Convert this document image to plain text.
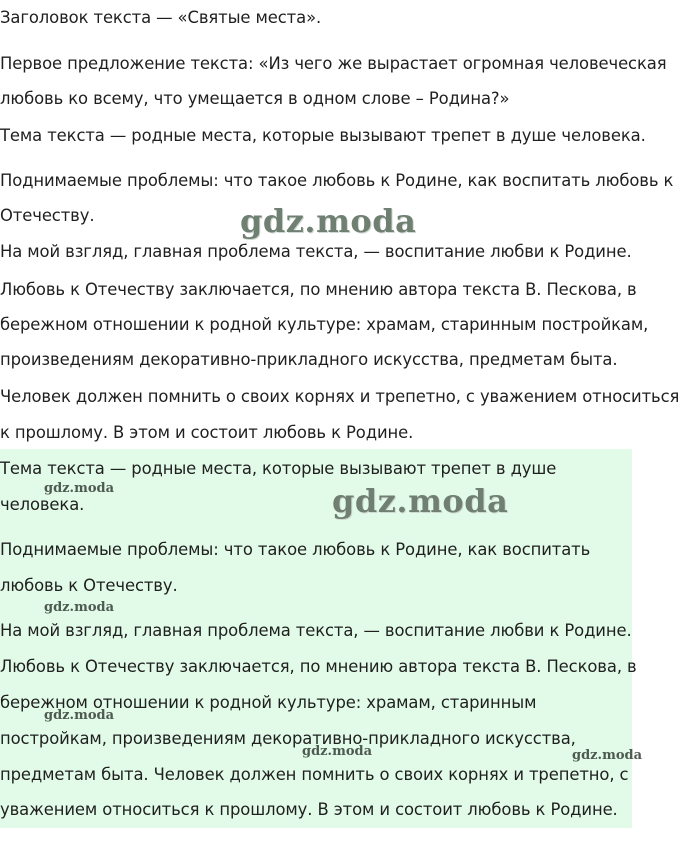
Заголовок текста — «Святые места».
Первое предложение текста: «Из чего же вырастает огромная человеческая
любовь ко всему, что умещается в одном слове – Родина?»
Тема текста — родные места, которые вызывают трепет в душе человека.
Поднимаемые проблемы: что такое любовь к Родине, как воспитать любовь к
Отечеству.
На мой взгляд, главная проблема текста, — воспитание любви к Родине.
Любовь к Отечеству заключается, по мнению автора текста В. Пескова, в
бережном отношении к родной культуре: храмам, старинным постройкам,
произведениям декоративно-прикладного искусства, предметам быта.
Человек должен помнить о своих корнях и трепетно, с уважением относиться
к прошлому. В этом и состоит любовь к Родине.
Тема текста — родные места, которые вызывают трепет в душе
человека.
Поднимаемые проблемы: что такое любовь к Родине, как воспитать
любовь к Отечеству.
На мой взгляд, главная проблема текста, — воспитание любви к Родине.
Любовь к Отечеству заключается, по мнению автора текста В. Пескова, в
бережном отношении к родной культуре: храмам, старинным
постройкам, произведениям декоративно-прикладного искусства,
предметам быта. Человек должен помнить о своих корнях и трепетно, с
уважением относиться к прошлому. В этом и состоит любовь к Родине.
gdz.moda
gdz.moda
gdz.moda
gdz.moda
gdz.moda
gdz.moda	gdz.moda
